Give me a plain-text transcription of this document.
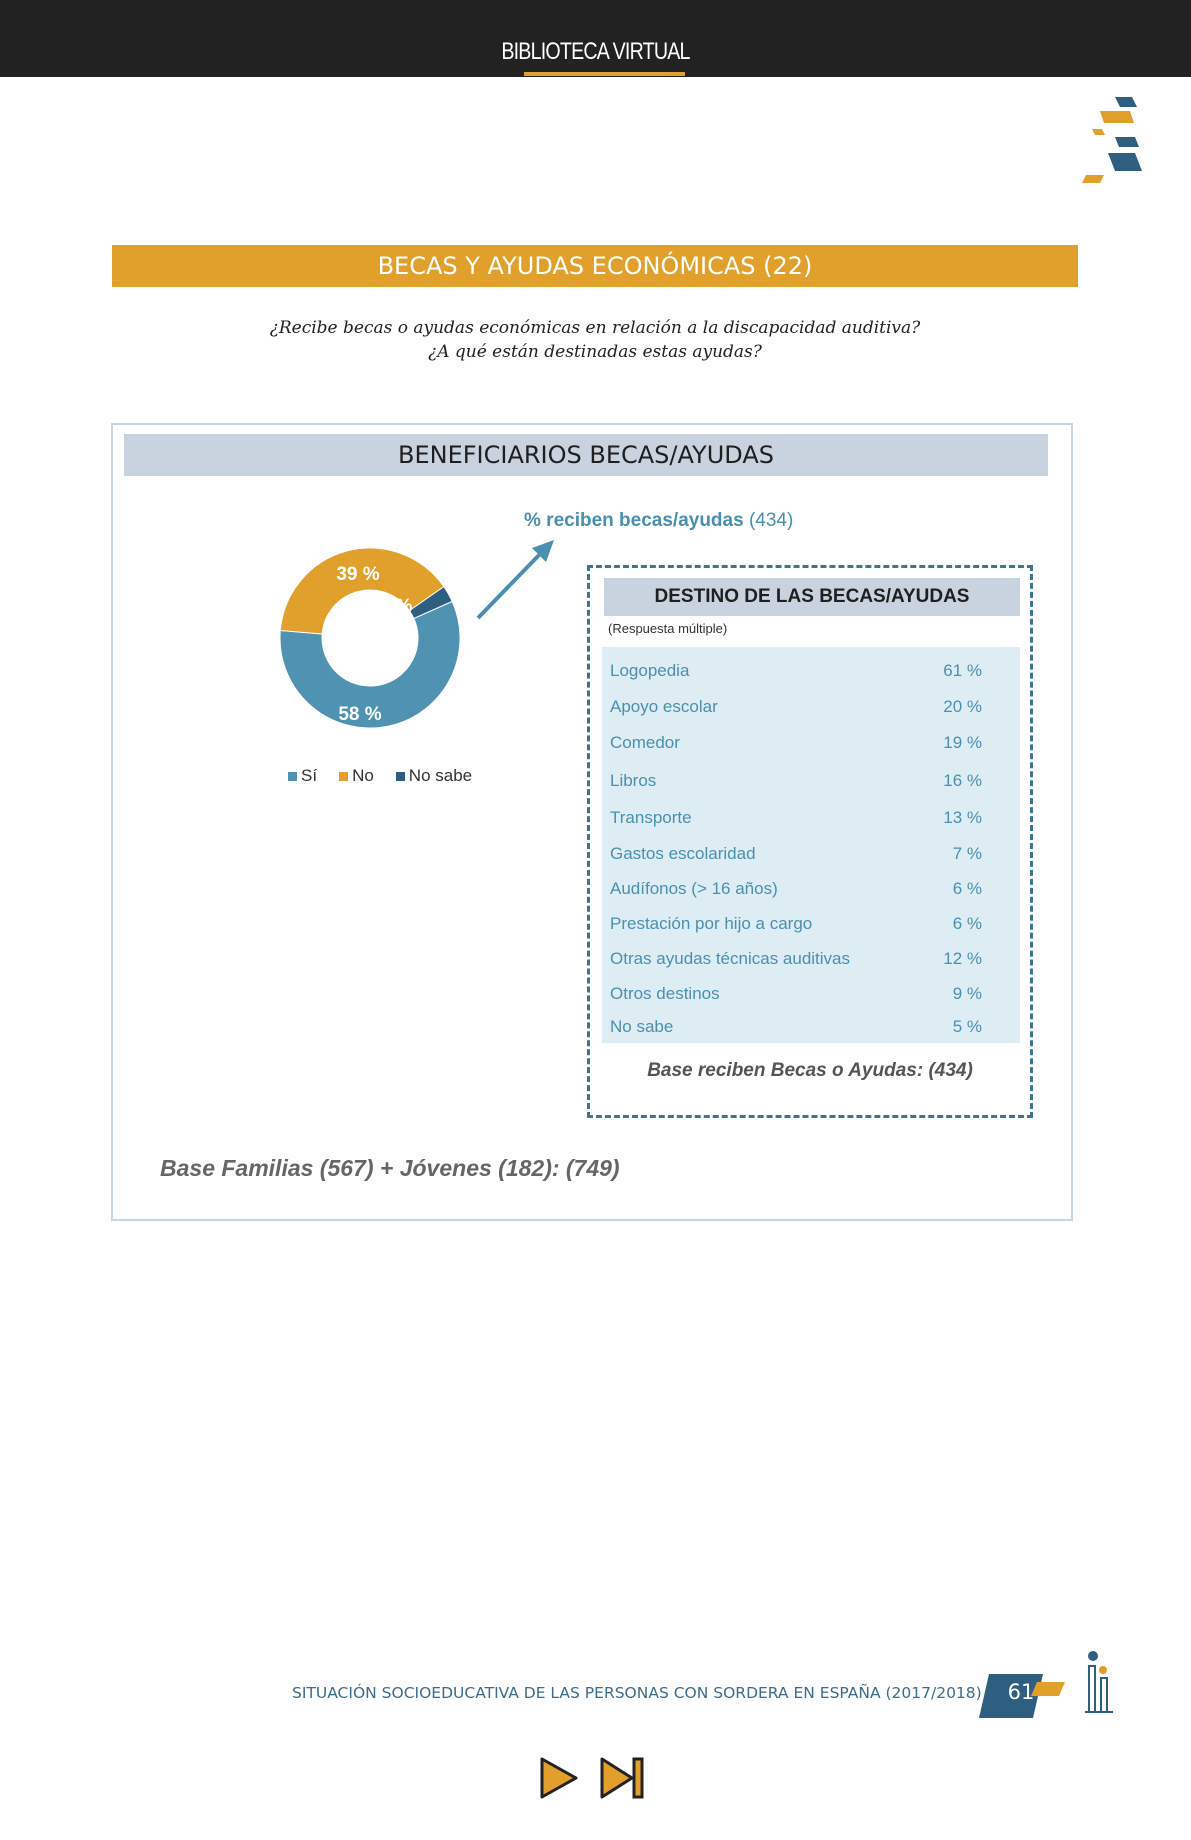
BIBLIOTECA VIRTUAL
BECAS Y AYUDAS ECONÓMICAS (22)
¿Recibe becas o ayudas económicas en relación a la discapacidad auditiva?
¿A qué están destinadas estas ayudas?
BENEFICIARIOS BECAS/AYUDAS
% reciben becas/ayudas (434)
58 %
39 %
3 %
Sí No No sabe
DESTINO DE LAS BECAS/AYUDAS
(Respuesta múltiple)
Logopedia	61 %
Apoyo escolar	20 %
Comedor	19 %
Libros	16 %
Transporte	13 %
Gastos escolaridad	7 %
Audífonos (> 16 años)	6 %
Prestación por hijo a cargo	6 %
Otras ayudas técnicas auditivas	12 %
Otros destinos	9 %
No sabe	5 %
Base reciben Becas o Ayudas: (434)
Base Familias (567) + Jóvenes (182): (749)
SITUACIÓN SOCIOEDUCATIVA DE LAS PERSONAS CON SORDERA EN ESPAÑA (2017/2018)	61
